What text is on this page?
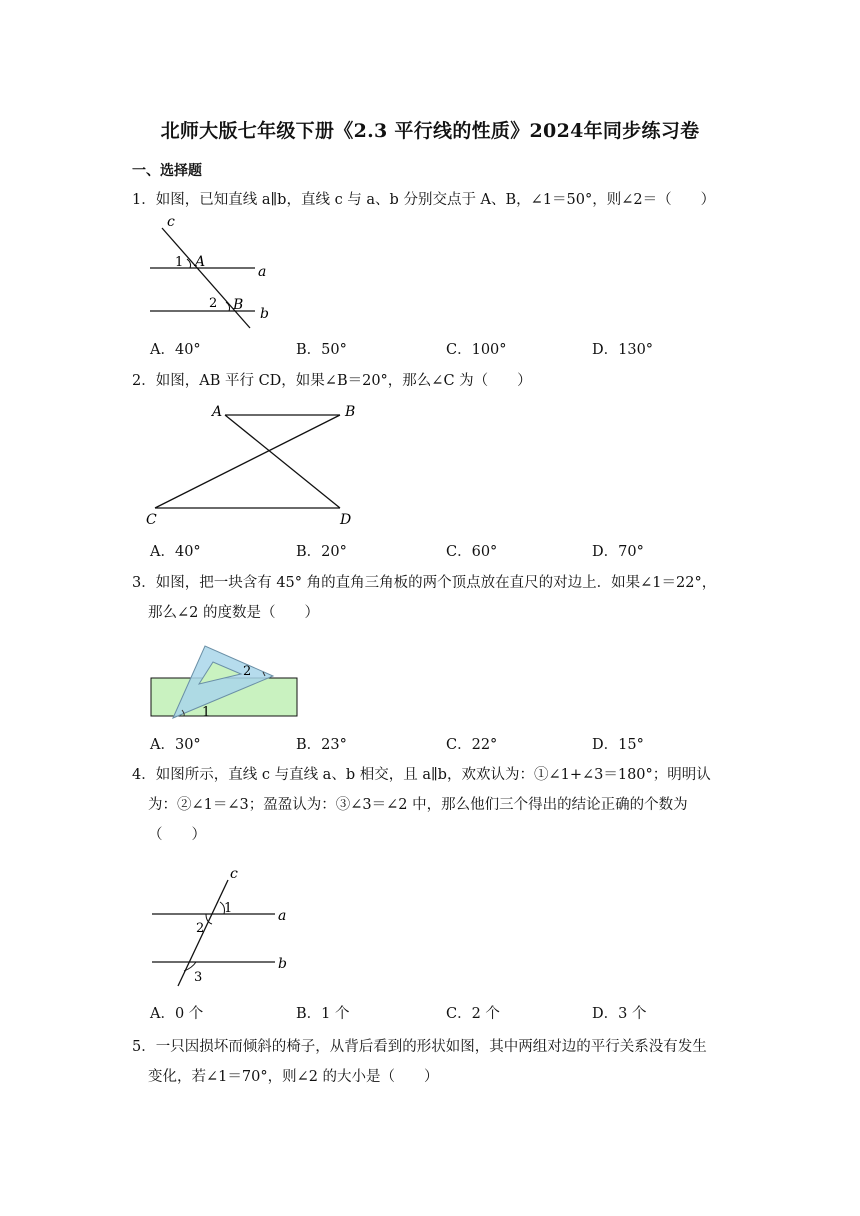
北师大版七年级下册《2.3 平行线的性质》2024年同步练习卷
一、选择题
1．如图，已知直线 a∥b，直线 c 与 a、b 分别交点于 A、B，∠1＝50°，则∠2＝（　　）
c
A
1
a
B
2
b
A．40°	B．50°	C．100°	D．130°
2．如图，AB 平行 CD，如果∠B＝20°，那么∠C 为（　　）
A	B
C	D
A．40°	B．20°	C．60°	D．70°
3．如图，把一块含有 45° 角的直角三角板的两个顶点放在直尺的对边上．如果∠1＝22°，
那么∠2 的度数是（　　）
1
2
A．30°	B．23°	C．22°	D．15°
4．如图所示，直线 c 与直线 a、b 相交，且 a∥b，欢欢认为：①∠1+∠3＝180°；明明认
为：②∠1＝∠3；盈盈认为：③∠3＝∠2 中，那么他们三个得出的结论正确的个数为
（　　）
c
1	a
2
b
3
A．0 个	B．1 个	C．2 个	D．3 个
5．一只因损坏而倾斜的椅子，从背后看到的形状如图，其中两组对边的平行关系没有发生
变化，若∠1＝70°，则∠2 的大小是（　　）
